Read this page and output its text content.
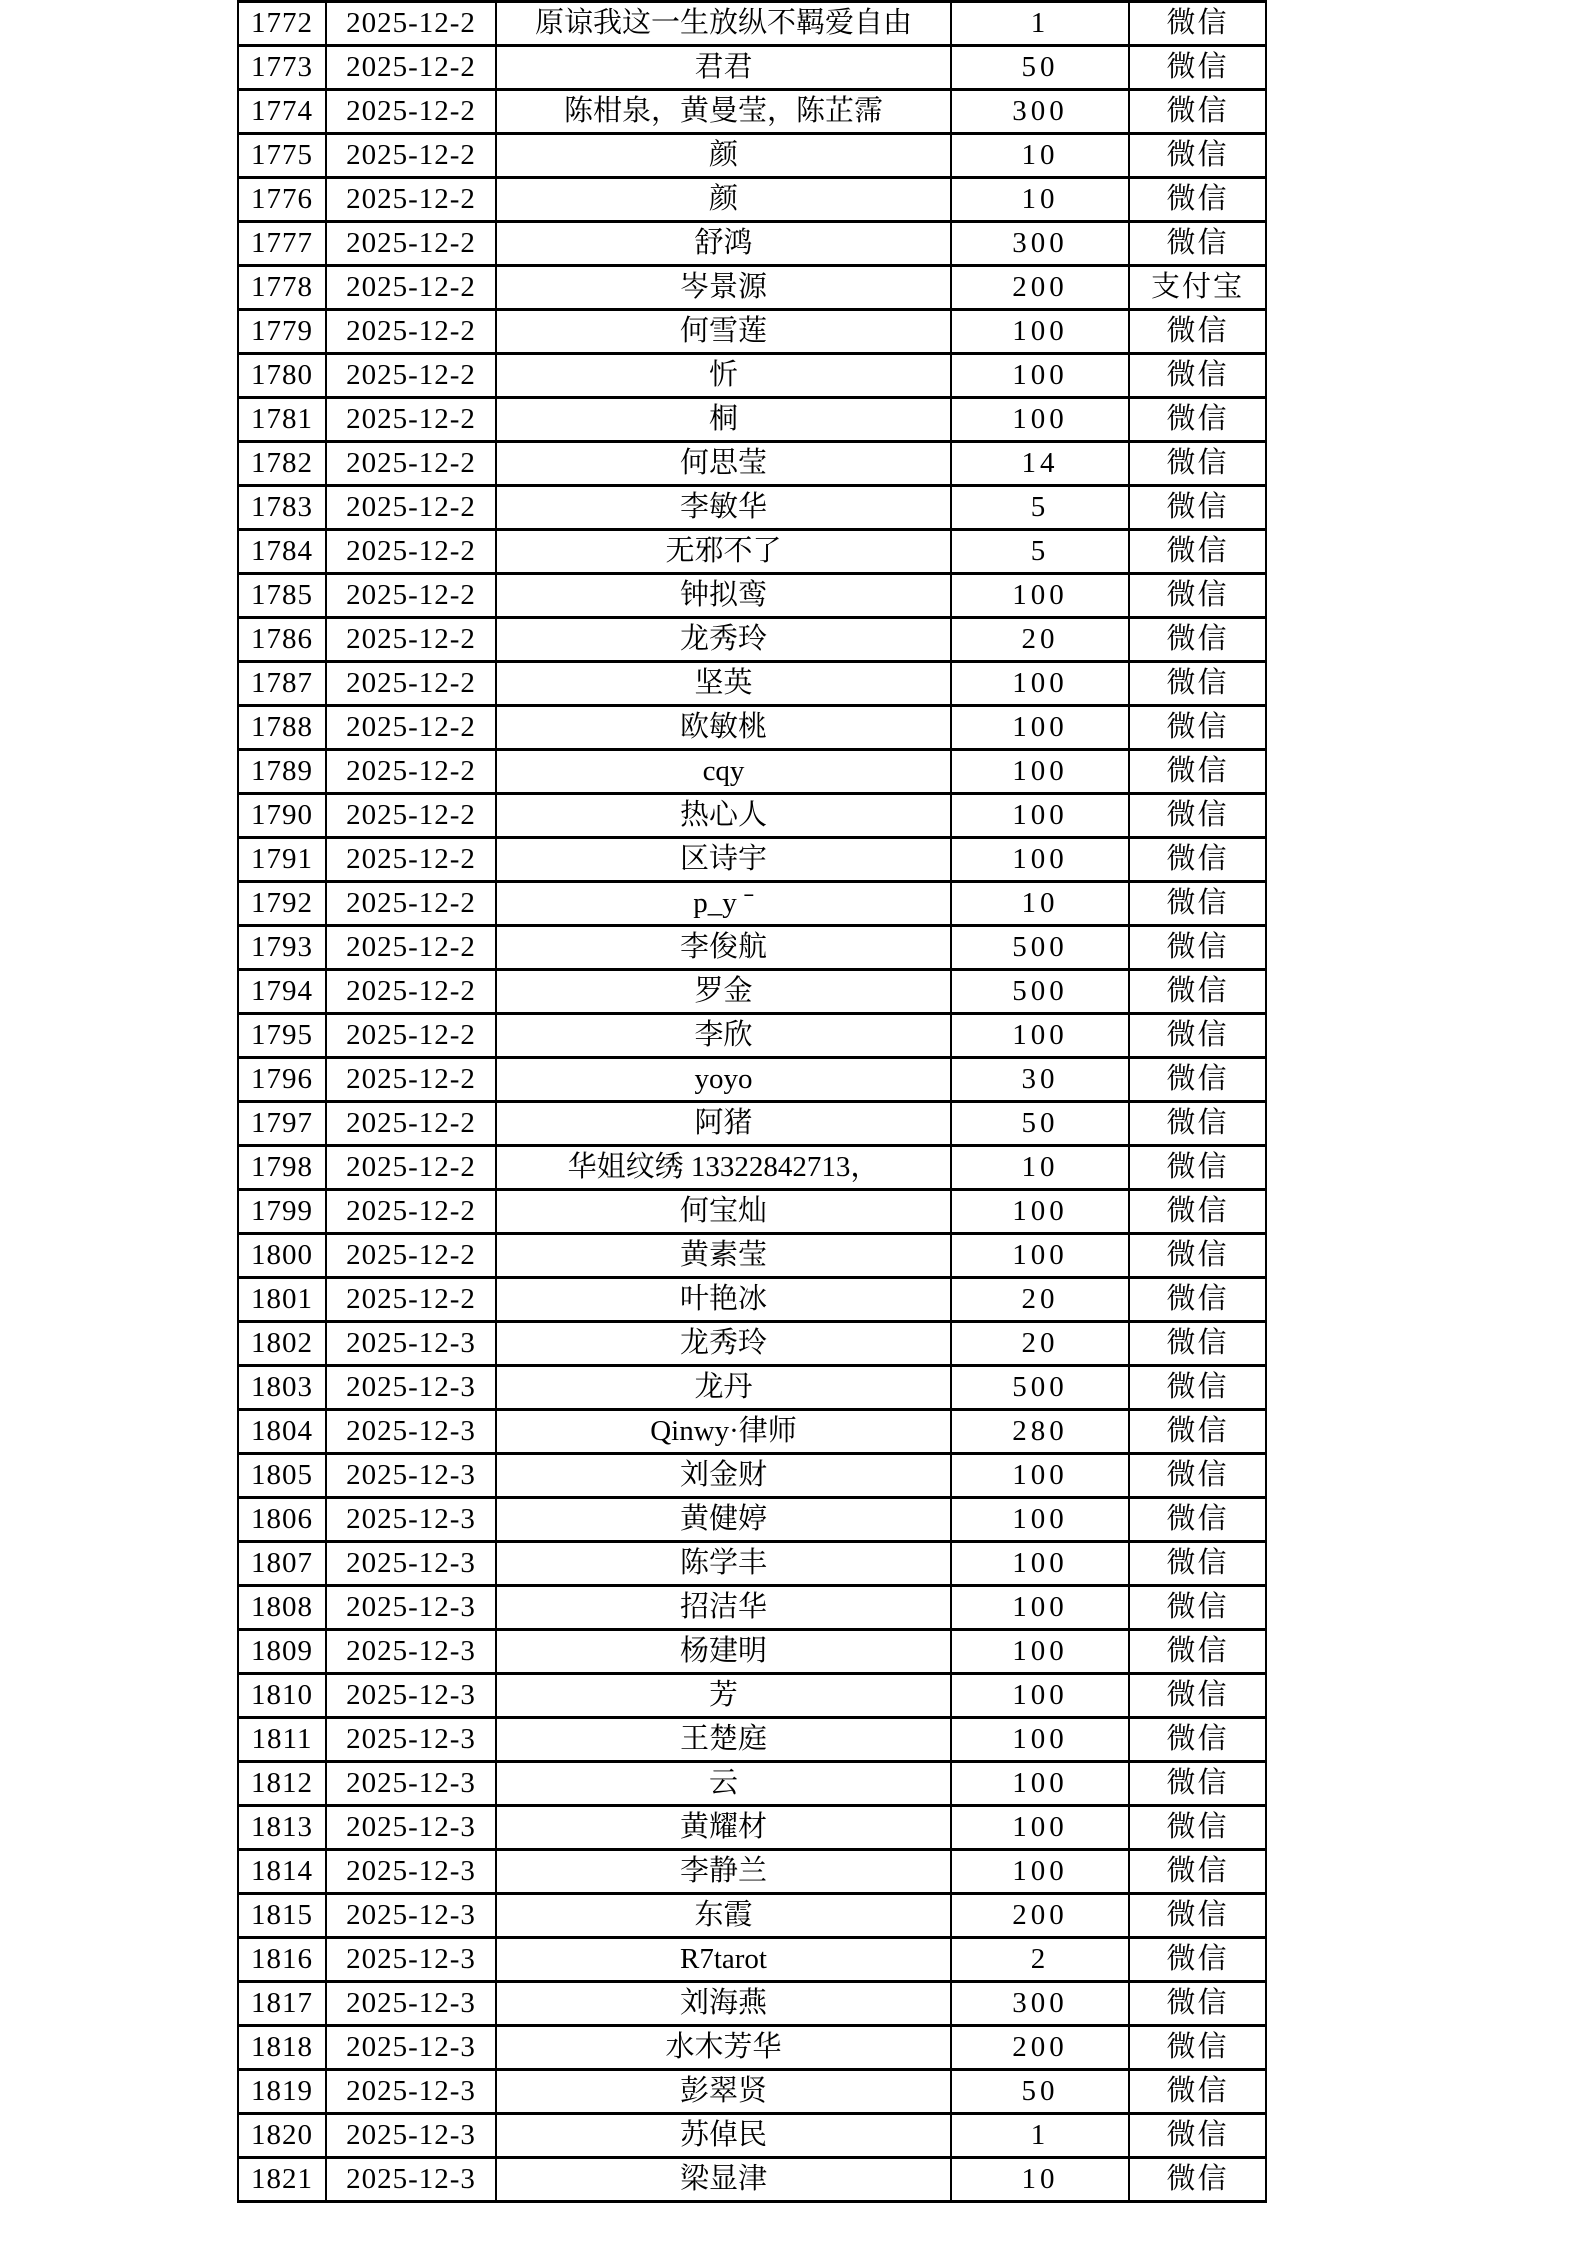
1772	2025-12-2	原谅我这一生放纵不羁爱自由	1	微信
1773	2025-12-2	君君	50	微信
1774	2025-12-2	陈柑泉，黄曼莹，陈芷霈	300	微信
1775	2025-12-2	颜	10	微信
1776	2025-12-2	颜	10	微信
1777	2025-12-2	舒鸿	300	微信
1778	2025-12-2	岑景源	200	支付宝
1779	2025-12-2	何雪莲	100	微信
1780	2025-12-2	忻	100	微信
1781	2025-12-2	桐	100	微信
1782	2025-12-2	何思莹	14	微信
1783	2025-12-2	李敏华	5	微信
1784	2025-12-2	无邪不了	5	微信
1785	2025-12-2	钟拟鸾	100	微信
1786	2025-12-2	龙秀玲	20	微信
1787	2025-12-2	坚英	100	微信
1788	2025-12-2	欧敏桃	100	微信
1789	2025-12-2	cqy	100	微信
1790	2025-12-2	热心人	100	微信
1791	2025-12-2	区诗宇	100	微信
1792	2025-12-2	p_y ˉ	10	微信
1793	2025-12-2	李俊航	500	微信
1794	2025-12-2	罗金	500	微信
1795	2025-12-2	李欣	100	微信
1796	2025-12-2	yoyo	30	微信
1797	2025-12-2	阿猪	50	微信
1798	2025-12-2	华姐纹绣 13322842713，	10	微信
1799	2025-12-2	何宝灿	100	微信
1800	2025-12-2	黄素莹	100	微信
1801	2025-12-2	叶艳冰	20	微信
1802	2025-12-3	龙秀玲	20	微信
1803	2025-12-3	龙丹	500	微信
1804	2025-12-3	Qinwy·律师	280	微信
1805	2025-12-3	刘金财	100	微信
1806	2025-12-3	黄健婷	100	微信
1807	2025-12-3	陈学丰	100	微信
1808	2025-12-3	招洁华	100	微信
1809	2025-12-3	杨建明	100	微信
1810	2025-12-3	芳	100	微信
1811	2025-12-3	王楚庭	100	微信
1812	2025-12-3	云	100	微信
1813	2025-12-3	黄耀材	100	微信
1814	2025-12-3	李静兰	100	微信
1815	2025-12-3	东霞	200	微信
1816	2025-12-3	R7tarot	2	微信
1817	2025-12-3	刘海燕	300	微信
1818	2025-12-3	水木芳华	200	微信
1819	2025-12-3	彭翠贤	50	微信
1820	2025-12-3	苏倬民	1	微信
1821	2025-12-3	梁显津	10	微信
